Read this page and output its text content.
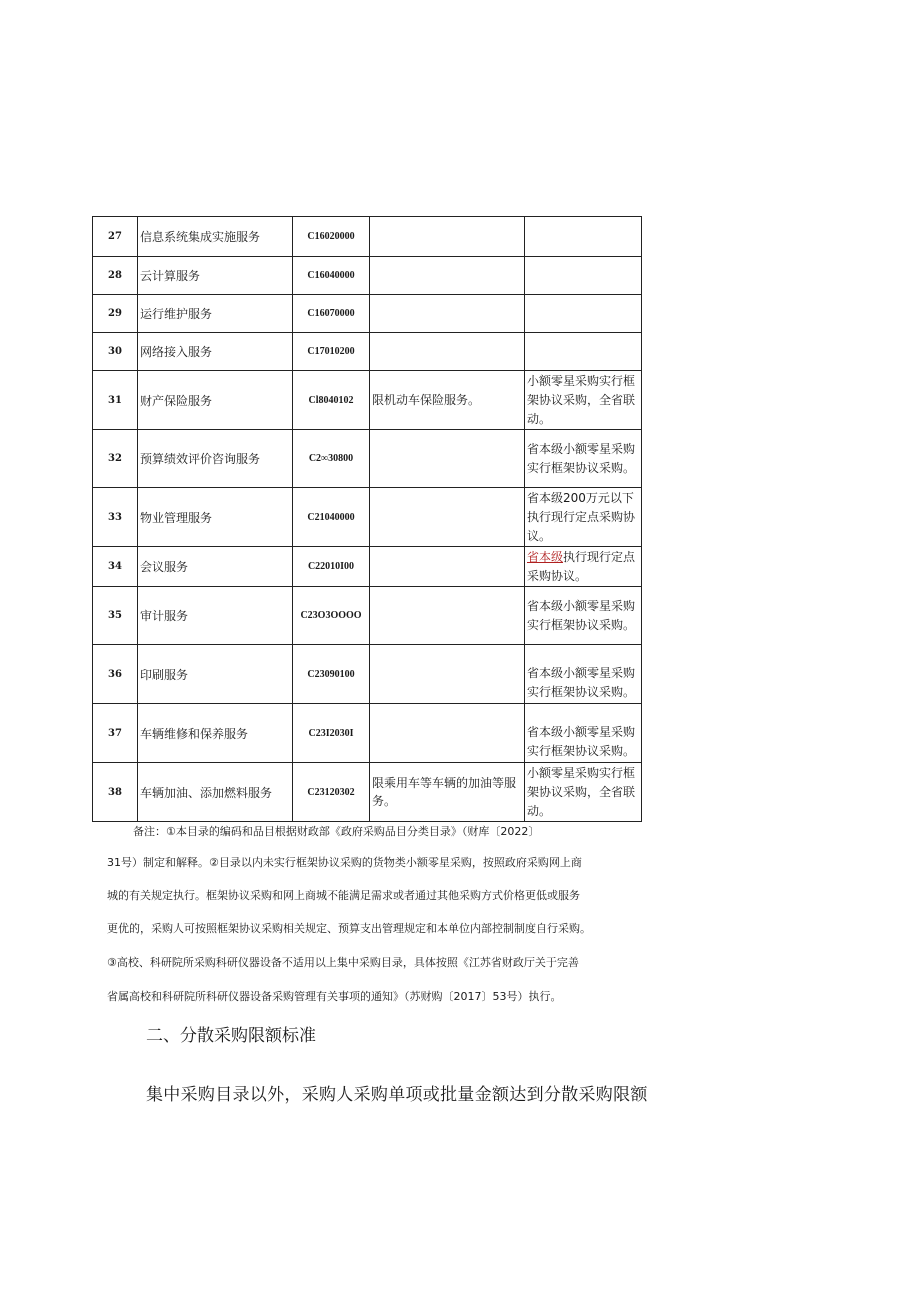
27	信息系统集成实施服务	C16020000		
28	云计算服务	C16040000		
29	运行维护服务	C16070000		
30	网络接入服务	C17010200		
31	财产保险服务	Cl8040102	限机动车保险服务。	小额零星采购实行框架协议采购，全省联动。
32	预算绩效评价咨询服务	C2∞30800		省本级小额零星采购实行框架协议采购。
33	物业管理服务	C21040000		省本级200万元以下执行现行定点采购协议。
34	会议服务	C22010I00		省本级执行现行定点采购协议。
35	审计服务	C23O3OOOO		省本级小额零星采购实行框架协议采购。
36	印刷服务	C23090100		省本级小额零星采购实行框架协议采购。
37	车辆维修和保养服务	C23I2030I		省本级小额零星采购实行框架协议采购。
38	车辆加油、添加燃料服务	C23120302	限乘用车等车辆的加油等服务。	小额零星采购实行框架协议采购，全省联动。
备注：①本目录的编码和品目根据财政部《政府采购品目分类目录》（财库〔2022〕
31号）制定和解释。②目录以内未实行框架协议采购的货物类小额零星采购，按照政府采购网上商
城的有关规定执行。框架协议采购和网上商城不能满足需求或者通过其他采购方式价格更低或服务
更优的，采购人可按照框架协议采购相关规定、预算支出管理规定和本单位内部控制制度自行采购。
③高校、科研院所采购科研仪器设备不适用以上集中采购目录，具体按照《江苏省财政厅关于完善
省属高校和科研院所科研仪器设备采购管理有关事项的通知》（苏财购〔2017〕53号）执行。
二、分散采购限额标准
集中采购目录以外，采购人采购单项或批量金额达到分散采购限额
